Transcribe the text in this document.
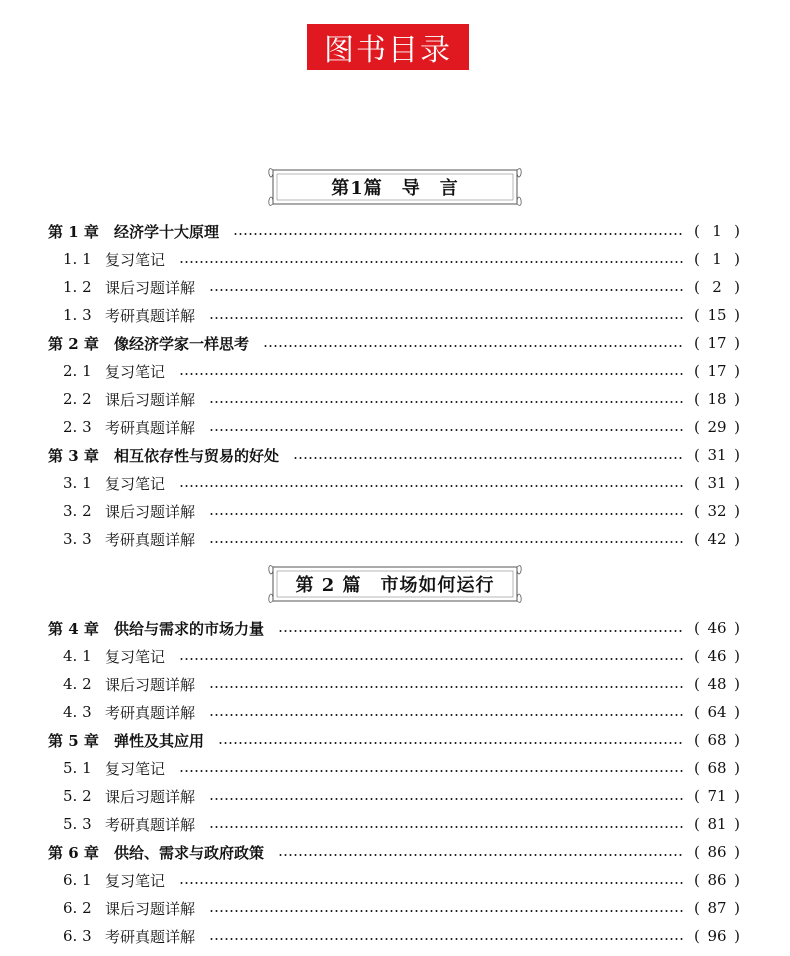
图书目录
第1篇　导　言
第 1 章	经济学十大原理	( 1 )
1. 1 复习笔记	( 1 )
1. 2 课后习题详解	( 2 )
1. 3 考研真题详解	( 15 )
第 2 章	像经济学家一样思考	( 17 )
2. 1 复习笔记	( 17 )
2. 2 课后习题详解	( 18 )
2. 3 考研真题详解	( 29 )
第 3 章	相互依存性与贸易的好处	( 31 )
3. 1 复习笔记	( 31 )
3. 2 课后习题详解	( 32 )
3. 3 考研真题详解	( 42 )
第 2 篇　市场如何运行
第 4 章	供给与需求的市场力量	( 46 )
4. 1 复习笔记	( 46 )
4. 2 课后习题详解	( 48 )
4. 3 考研真题详解	( 64 )
第 5 章	弹性及其应用	( 68 )
5. 1 复习笔记	( 68 )
5. 2 课后习题详解	( 71 )
5. 3 考研真题详解	( 81 )
第 6 章	供给、需求与政府政策	( 86 )
6. 1 复习笔记	( 86 )
6. 2 课后习题详解	( 87 )
6. 3 考研真题详解	( 96 )
